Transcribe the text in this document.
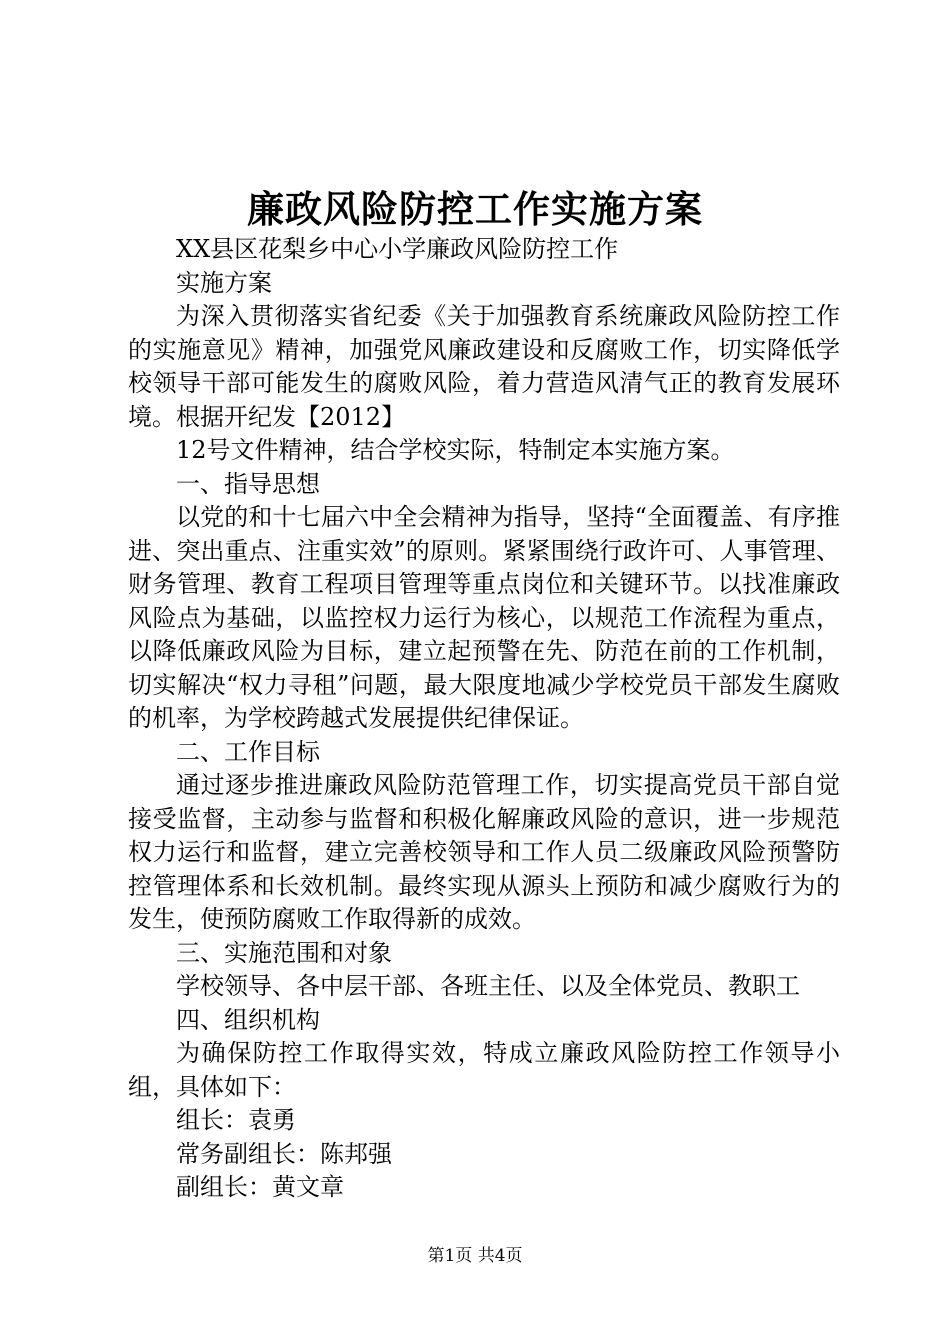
廉政风险防控工作实施方案

XX县区花梨乡中心小学廉政风险防控工作

实施方案

为深入贯彻落实省纪委《关于加强教育系统廉政风险防控工作的实施意见》精神，加强党风廉政建设和反腐败工作，切实降低学校领导干部可能发生的腐败风险，着力营造风清气正的教育发展环境。根据开纪发【2012】

12号文件精神，结合学校实际，特制定本实施方案。

一、指导思想

以党的和十七届六中全会精神为指导，坚持“全面覆盖、有序推进、突出重点、注重实效”的原则。紧紧围绕行政许可、人事管理、财务管理、教育工程项目管理等重点岗位和关键环节。以找准廉政风险点为基础，以监控权力运行为核心，以规范工作流程为重点，以降低廉政风险为目标，建立起预警在先、防范在前的工作机制，切实解决“权力寻租”问题，最大限度地减少学校党员干部发生腐败的机率，为学校跨越式发展提供纪律保证。

二、工作目标

通过逐步推进廉政风险防范管理工作，切实提高党员干部自觉接受监督，主动参与监督和积极化解廉政风险的意识，进一步规范权力运行和监督，建立完善校领导和工作人员二级廉政风险预警防控管理体系和长效机制。最终实现从源头上预防和减少腐败行为的发生，使预防腐败工作取得新的成效。

三、实施范围和对象

学校领导、各中层干部、各班主任、以及全体党员、教职工

四、组织机构

为确保防控工作取得实效，特成立廉政风险防控工作领导小组，具体如下：

组长：袁勇

常务副组长：陈邦强

副组长：黄文章

第1页 共4页
